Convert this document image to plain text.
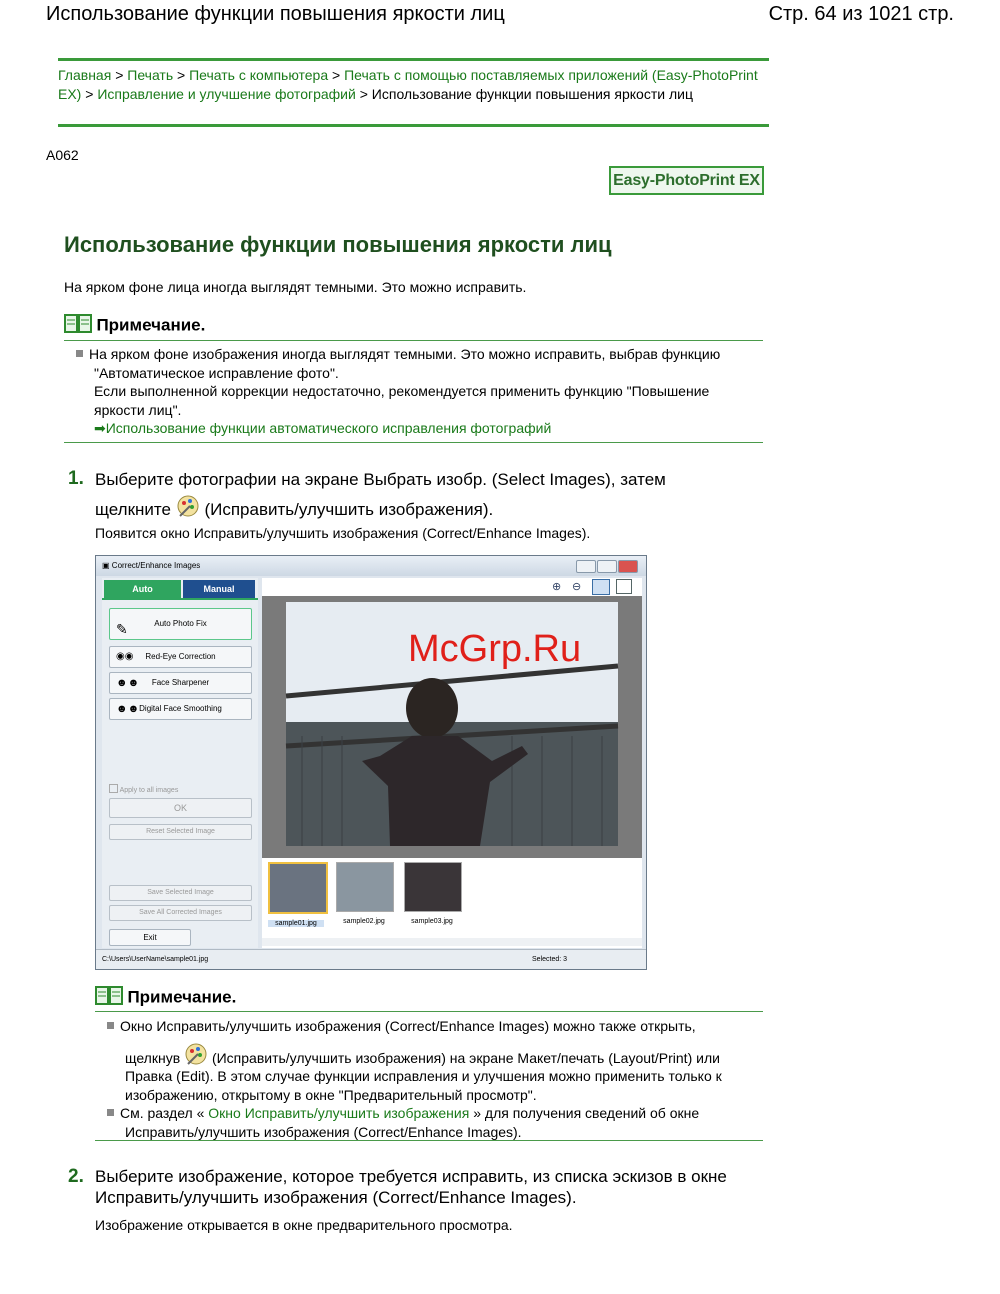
Использование функции повышения яркости лиц	Стр. 64 из 1021 стр.
Главная > Печать > Печать с компьютера > Печать с помощью поставляемых приложений (Easy-PhotoPrint EX) > Исправление и улучшение фотографий > Использование функции повышения яркости лиц
A062
Easy-PhotoPrint EX
Использование функции повышения яркости лиц
На ярком фоне лица иногда выглядят темными. Это можно исправить.
Примечание.
На ярком фоне изображения иногда выглядят темными. Это можно исправить, выбрав функцию "Автоматическое исправление фото".
Если выполненной коррекции недостаточно, рекомендуется применить функцию "Повышение яркости лиц".
➡Использование функции автоматического исправления фотографий
1. Выберите фотографии на экране Выбрать изобр. (Select Images), затем щелкните (Исправить/улучшить изображения).
Появится окно Исправить/улучшить изображения (Correct/Enhance Images).
▣ Correct/Enhance Images
Auto	Manual
✎	Auto Photo Fix
◉◉ Red-Eye Correction
☻☻ Face Sharpener
☻☻ Digital Face Smoothing
Apply to all images
OK
Reset Selected Image
Save Selected Image
Save All Corrected Images
Exit
⊕ ⊖
sample01.jpg	sample02.jpg	sample03.jpg
C:\Users\UserName\sample01.jpg	Selected: 3
McGrp.Ru
Примечание.
Окно Исправить/улучшить изображения (Correct/Enhance Images) можно также открыть,
щелкнув (Исправить/улучшить изображения) на экране Макет/печать (Layout/Print) или Правка (Edit). В этом случае функции исправления и улучшения можно применить только к изображению, открытому в окне "Предварительный просмотр".
См. раздел « Окно Исправить/улучшить изображения » для получения сведений об окне Исправить/улучшить изображения (Correct/Enhance Images).
2. Выберите изображение, которое требуется исправить, из списка эскизов в окне Исправить/улучшить изображения (Correct/Enhance Images).
Изображение открывается в окне предварительного просмотра.
